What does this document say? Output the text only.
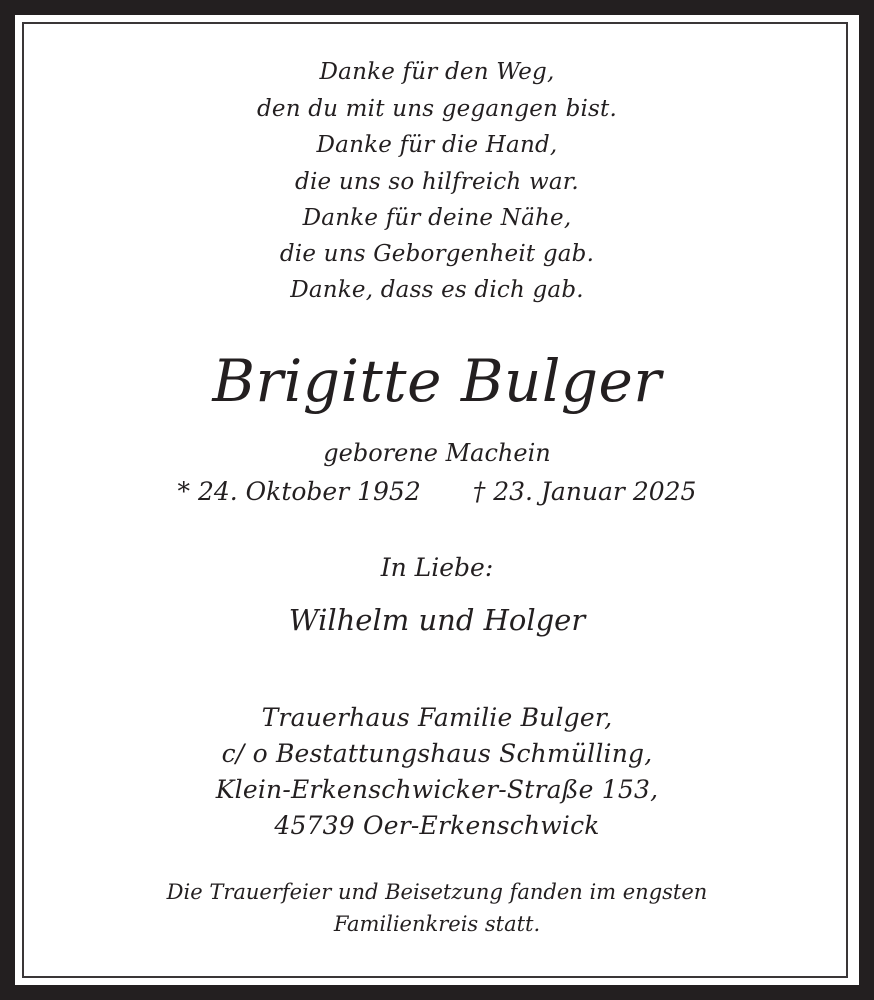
Danke für den Weg,
den du mit uns gegangen bist.
Danke für die Hand,
die uns so hilfreich war.
Danke für deine Nähe,
die uns Geborgenheit gab.
Danke, dass es dich gab.
Brigitte Bulger
geborene Machein
* 24. Oktober 1952 † 23. Januar 2025
In Liebe:
Wilhelm und Holger
Trauerhaus Familie Bulger,
c/ o Bestattungshaus Schmülling,
Klein-Erkenschwicker-Straße 153,
45739 Oer-Erkenschwick
Die Trauerfeier und Beisetzung fanden im engsten
Familienkreis statt.
